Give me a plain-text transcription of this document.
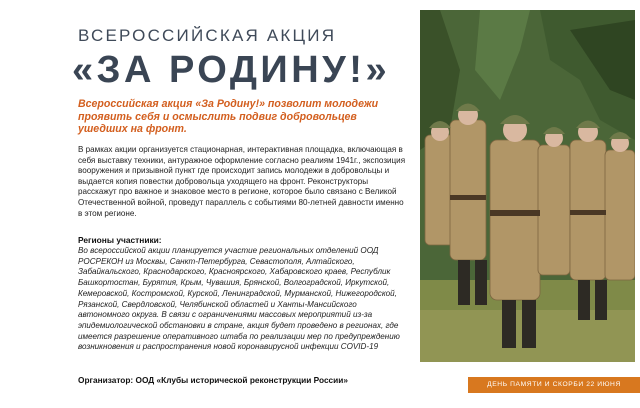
ВСЕРОССИЙСКАЯ АКЦИЯ
«ЗА РОДИНУ!»

Всероссийская акция «За Родину!» позволит молодежи проявить себя и осмыслить подвиг добровольцев ушедших на фронт.

В рамках акции организуется стационарная, интерактивная площадка, включающая в себя выставку техники, антуражное оформление согласно реалиям 1941г., экспозиция вооружения и призывной пункт где происходит запись молодежи в добровольцы и выдается копия повестки добровольца уходящего на фронт. Реконструкторы расскажут про важное и знаковое место в регионе, которое было связано с Великой Отечественной войной, проведут параллель с событиями 80-летней давности именно в этом регионе.

Регионы участники:

Во всероссийской акции планируется участие региональных отделений ООД РОСРЕКОН из Москвы, Санкт-Петербурга, Севастополя, Алтайского, Забайкальского, Краснодарского, Красноярского, Хабаровского краев, Республик Башкортостан, Бурятия, Крым, Чувашия, Брянской, Волгоградской, Иркутской, Кемеровской, Костромской, Курской, Ленинградской, Мурманской, Нижегородской, Рязанской, Свердловской, Челябинской областей и Ханты-Мансийского автономного округа. В связи с ограничениями массовых мероприятий из-за эпидемиологической обстановки в стране, акция будет проведено в регионах, где имеется разрешение оперативного штаба по реализации мер по предупреждению возникновения и распространения новой коронавирусной инфекции COVID-19

Организатор: ООД «Клубы исторической реконструкции России»	ДЕНЬ ПАМЯТИ И СКОРБИ 22 ИЮНЯ
